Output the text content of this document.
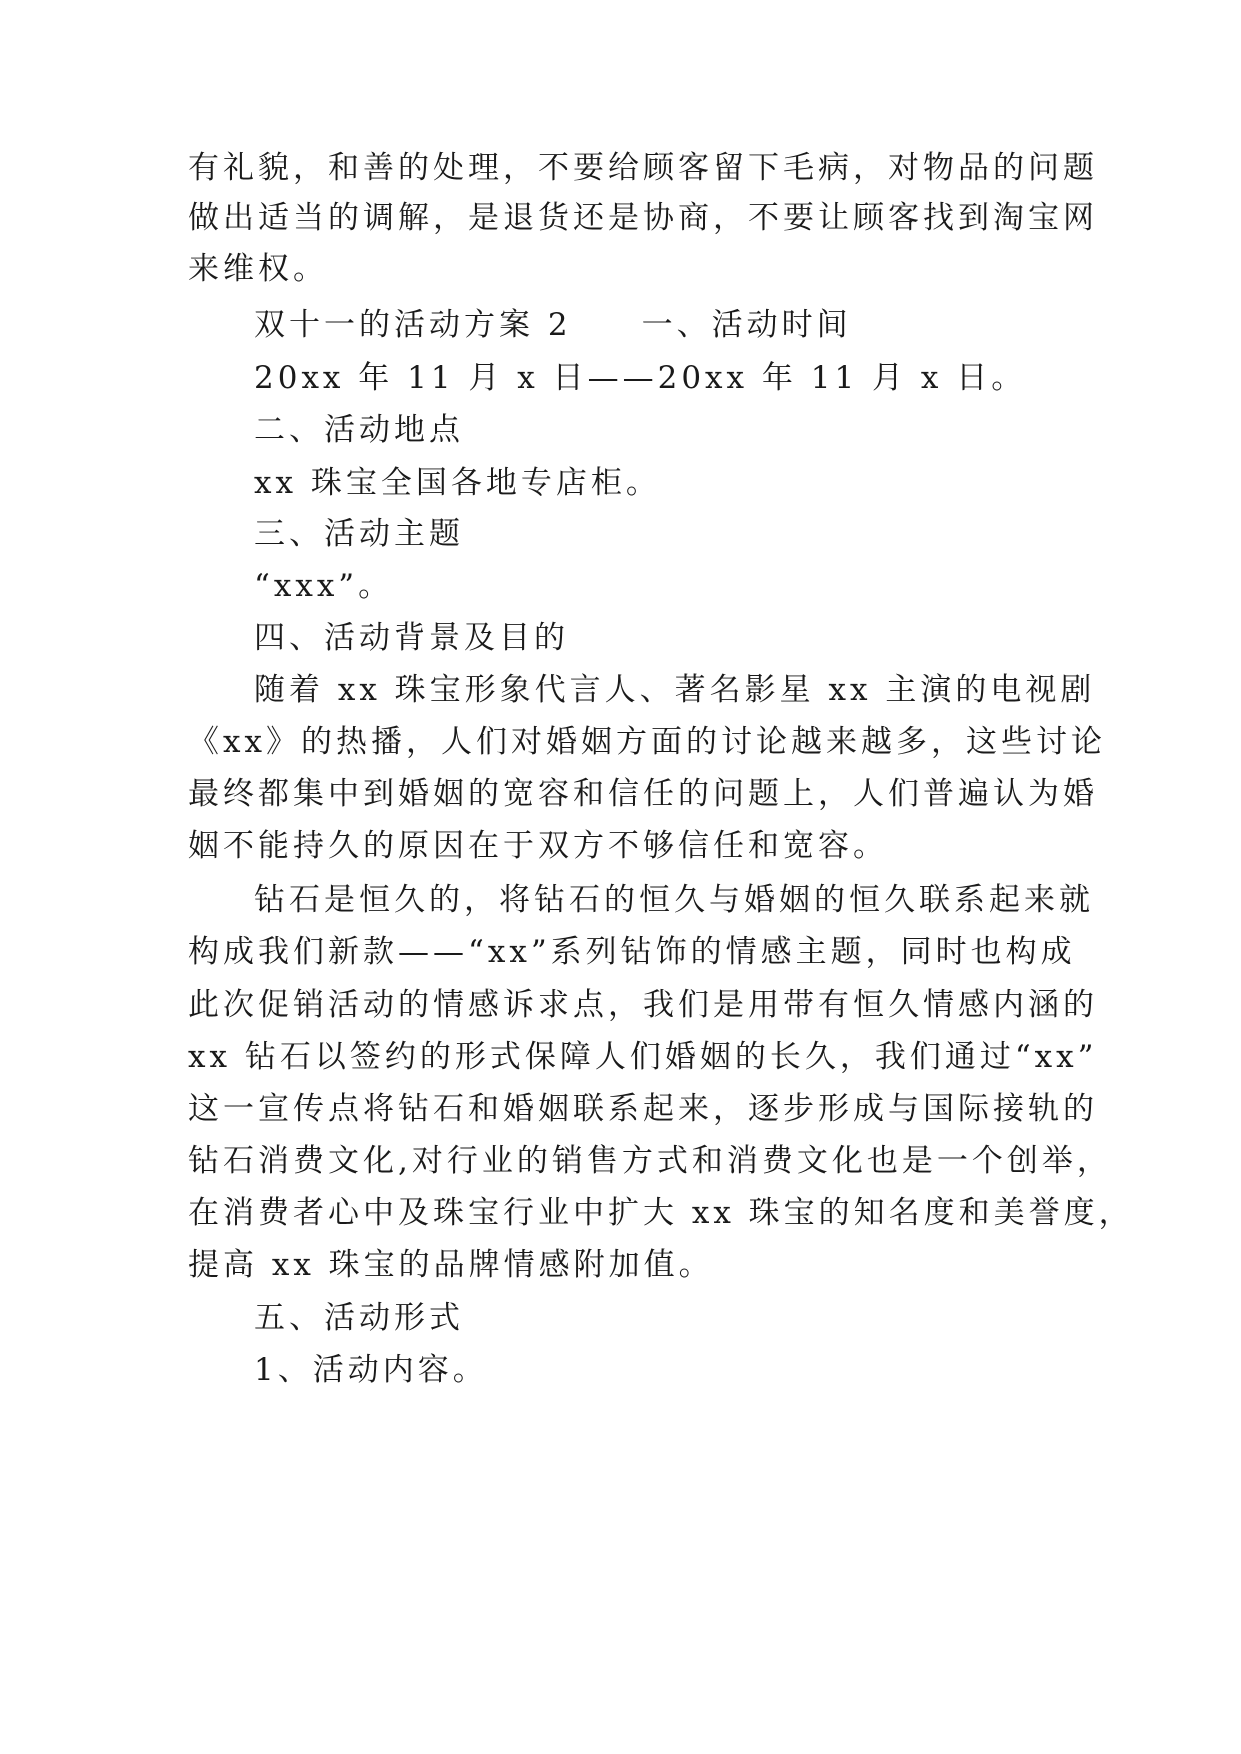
有礼貌，和善的处理，不要给顾客留下毛病，对物品的问题
做出适当的调解，是退货还是协商，不要让顾客找到淘宝网
来维权。
双十一的活动方案 2 一、活动时间
20xx 年 11 月 x 日——20xx 年 11 月 x 日。
二、活动地点
xx 珠宝全国各地专店柜。
三、活动主题
“xxx”。
四、活动背景及目的
随着 xx 珠宝形象代言人、著名影星 xx 主演的电视剧
《xx》的热播，人们对婚姻方面的讨论越来越多，这些讨论
最终都集中到婚姻的宽容和信任的问题上，人们普遍认为婚
姻不能持久的原因在于双方不够信任和宽容。
钻石是恒久的，将钻石的恒久与婚姻的恒久联系起来就
构成我们新款——“xx”系列钻饰的情感主题，同时也构成
此次促销活动的情感诉求点，我们是用带有恒久情感内涵的
xx 钻石以签约的形式保障人们婚姻的长久，我们通过“xx”
这一宣传点将钻石和婚姻联系起来，逐步形成与国际接轨的
钻石消费文化,对行业的销售方式和消费文化也是一个创举，
在消费者心中及珠宝行业中扩大 xx 珠宝的知名度和美誉度，
提高 xx 珠宝的品牌情感附加值。
五、活动形式
1、活动内容。
